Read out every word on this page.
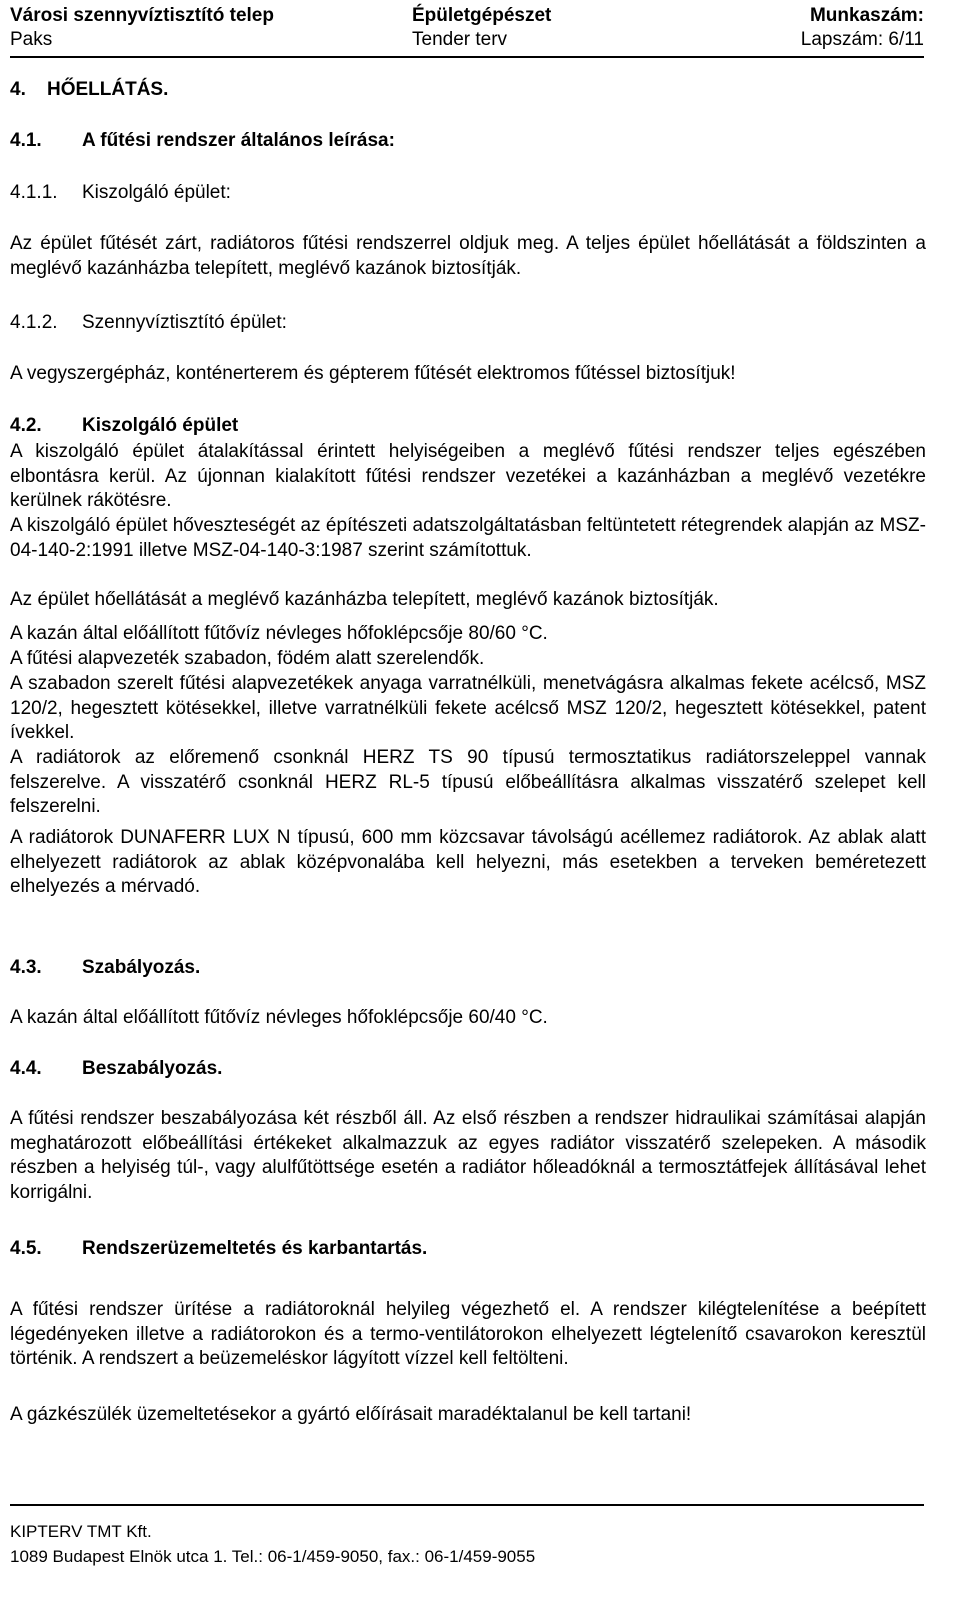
Városi szennyvíztisztító telep	Épületgépészet	Munkaszám:
Paks	Tender terv	Lapszám: 6/11
4. HŐELLÁTÁS.
4.1. A fűtési rendszer általános leírása:
4.1.1. Kiszolgáló épület:

Az épület fűtését zárt, radiátoros fűtési rendszerrel oldjuk meg. A teljes épület hőellátását a földszinten a meglévő kazánházba telepített, meglévő kazánok biztosítják.

4.1.2. Szennyvíztisztító épület:

A vegyszergépház, konténerterem és gépterem fűtését elektromos fűtéssel biztosítjuk!

4.2. Kiszolgáló épület

A kiszolgáló épület átalakítással érintett helyiségeiben a meglévő fűtési rendszer teljes egészében elbontásra kerül. Az újonnan kialakított fűtési rendszer vezetékei a kazánházban a meglévő vezetékre kerülnek rákötésre.

A kiszolgáló épület hőveszteségét az építészeti adatszolgáltatásban feltüntetett rétegrendek alapján az MSZ-04-140-2:1991 illetve MSZ-04-140-3:1987 szerint számítottuk.

Az épület hőellátását a meglévő kazánházba telepített, meglévő kazánok biztosítják.

A kazán által előállított fűtővíz névleges hőfoklépcsője 80/60 °C.

A fűtési alapvezeték szabadon, födém alatt szerelendők.

A szabadon szerelt fűtési alapvezetékek anyaga varratnélküli, menetvágásra alkalmas fekete acélcső, MSZ 120/2, hegesztett kötésekkel, illetve varratnélküli fekete acélcső MSZ 120/2, hegesztett kötésekkel, patent ívekkel.

A radiátorok az előremenő csonknál HERZ TS 90 típusú termosztatikus radiátorszeleppel vannak felszerelve. A visszatérő csonknál HERZ RL-5 típusú előbeállításra alkalmas visszatérő szelepet kell felszerelni.

A radiátorok DUNAFERR LUX N típusú, 600 mm közcsavar távolságú acéllemez radiátorok. Az ablak alatt elhelyezett radiátorok az ablak középvonalába kell helyezni, más esetekben a terveken beméretezett elhelyezés a mérvadó.

4.3. Szabályozás.

A kazán által előállított fűtővíz névleges hőfoklépcsője 60/40 °C.

4.4. Beszabályozás.

A fűtési rendszer beszabályozása két részből áll. Az első részben a rendszer hidraulikai számításai alapján meghatározott előbeállítási értékeket alkalmazzuk az egyes radiátor visszatérő szelepeken. A második részben a helyiség túl-, vagy alulfűtöttsége esetén a radiátor hőleadóknál a termosztátfejek állításával lehet korrigálni.

4.5. Rendszerüzemeltetés és karbantartás.

A fűtési rendszer ürítése a radiátoroknál helyileg végezhető el. A rendszer kilégtelenítése a beépített légedényeken illetve a radiátorokon és a termo-ventilátorokon elhelyezett légtelenítő csavarokon keresztül történik. A rendszert a beüzemeléskor lágyított vízzel kell feltölteni.

A gázkészülék üzemeltetésekor a gyártó előírásait maradéktalanul be kell tartani!

KIPTERV TMT Kft.
1089 Budapest Elnök utca 1. Tel.: 06-1/459-9050, fax.: 06-1/459-9055
